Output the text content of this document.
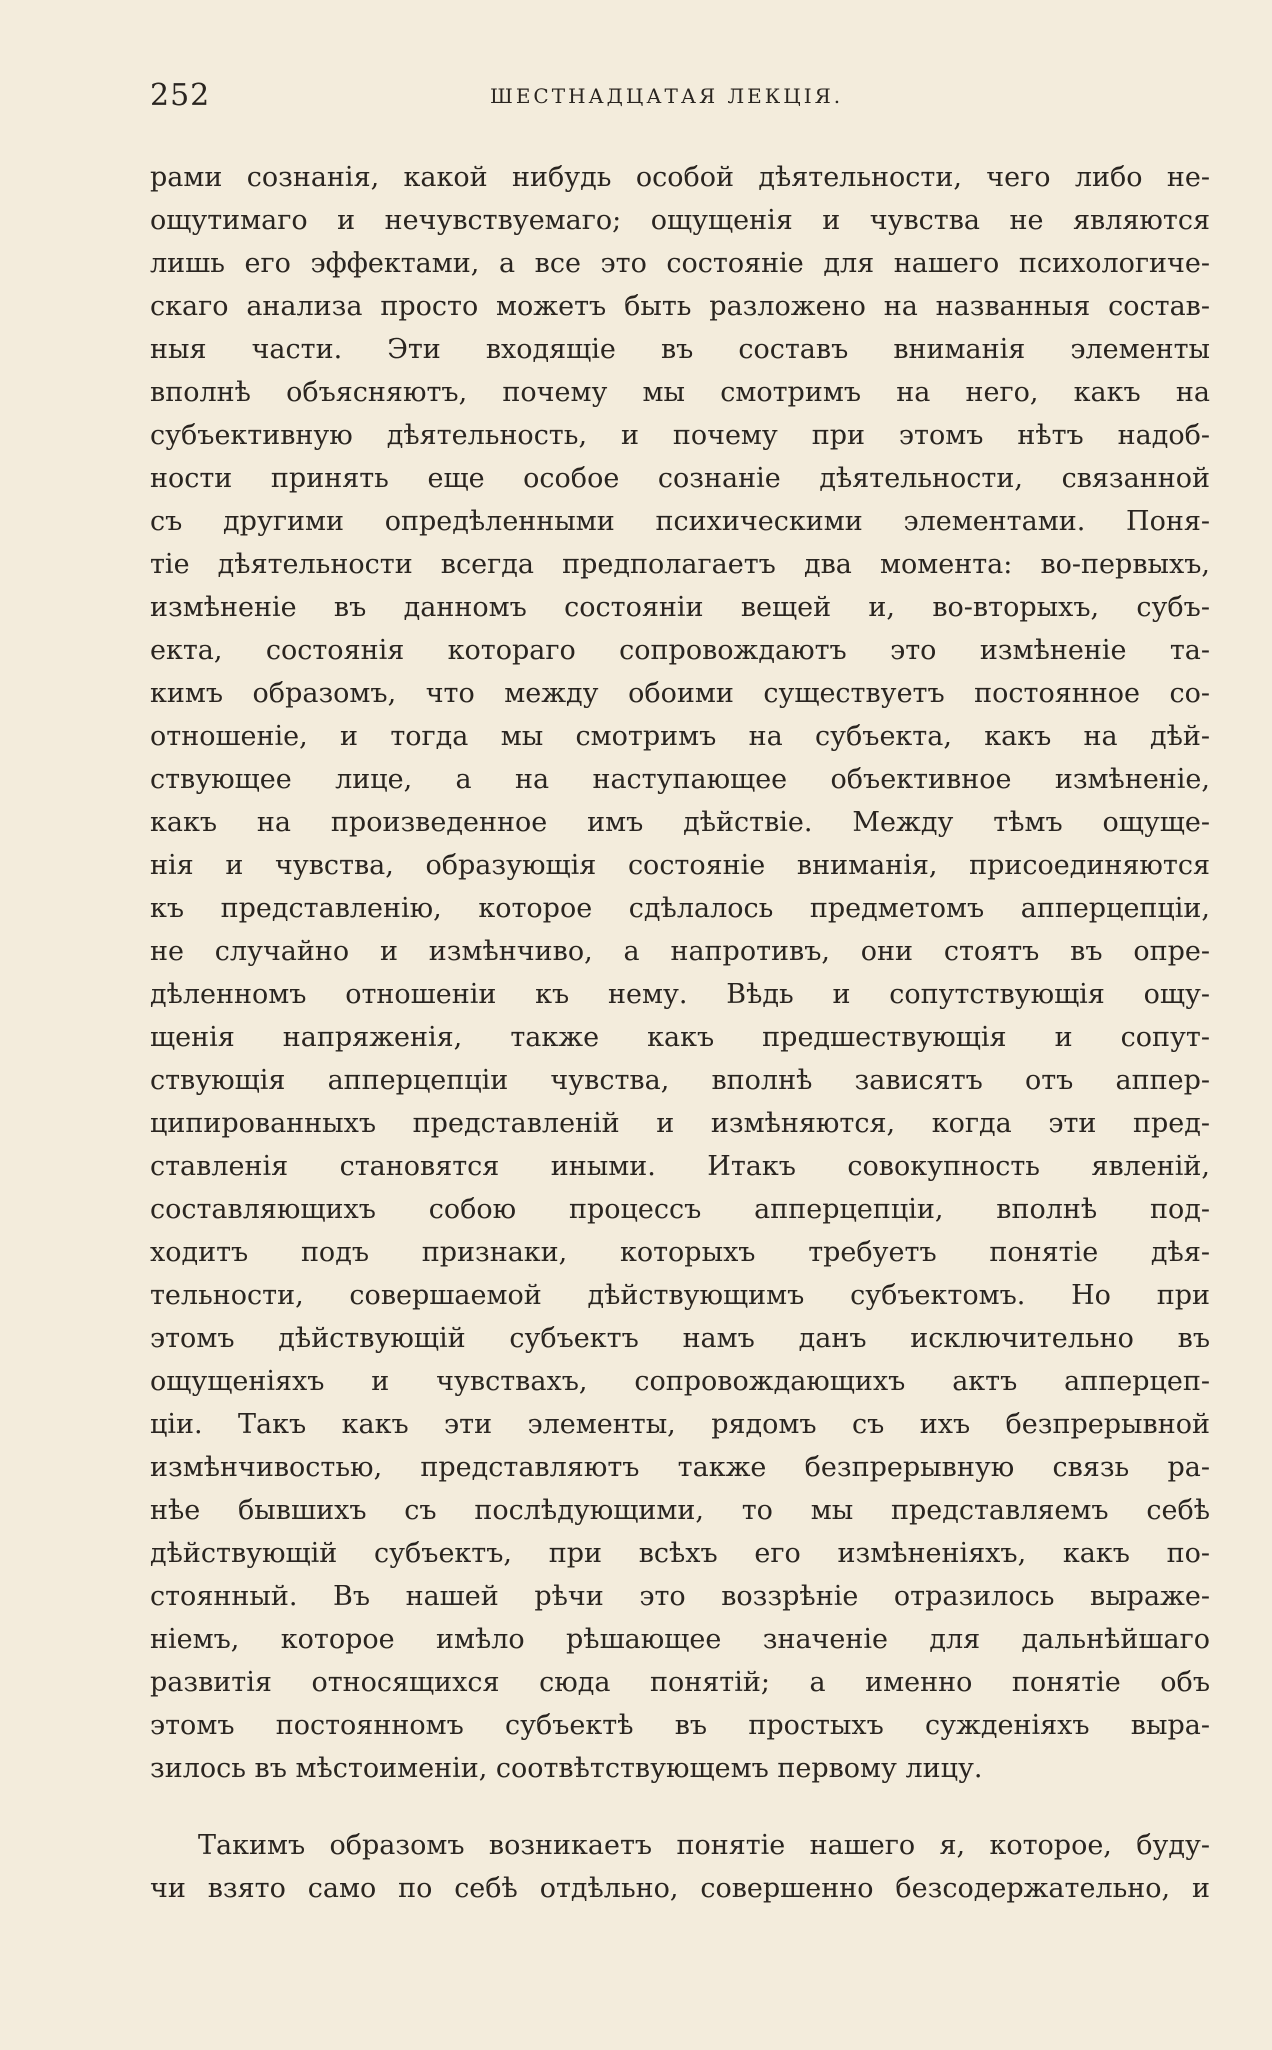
252	ШЕСТНАДЦАТАЯ ЛЕКЦІЯ.
рами сознанія, какой нибудь особой дѣятельности, чего либо не-
ощутимаго и нечувствуемаго; ощущенія и чувства не являются
лишь его эффектами, а все это состояніе для нашего психологиче-
скаго анализа просто можетъ быть разложено на названныя состав-
ныя части. Эти входящіе въ составъ вниманія элементы
вполнѣ объясняютъ, почему мы смотримъ на него, какъ на
субъективную дѣятельность, и почему при этомъ нѣтъ надоб-
ности принять еще особое сознаніе дѣятельности, связанной
съ другими опредѣленными психическими элементами. Поня-
тіе дѣятельности всегда предполагаетъ два момента: во-первыхъ,
измѣненіе въ данномъ состояніи вещей и, во-вторыхъ, субъ-
екта, состоянія котораго сопровождаютъ это измѣненіе та-
кимъ образомъ, что между обоими существуетъ постоянное со-
отношеніе, и тогда мы смотримъ на субъекта, какъ на дѣй-
ствующее лице, а на наступающее объективное измѣненіе,
какъ на произведенное имъ дѣйствіе. Между тѣмъ ощуще-
нія и чувства, образующія состояніе вниманія, присоединяются
къ представленію, которое сдѣлалось предметомъ апперцепціи,
не случайно и измѣнчиво, а напротивъ, они стоятъ въ опре-
дѣленномъ отношеніи къ нему. Вѣдь и сопутствующія ощу-
щенія напряженія, также какъ предшествующія и сопут-
ствующія апперцепціи чувства, вполнѣ зависятъ отъ аппер-
ципированныхъ представленій и измѣняются, когда эти пред-
ставленія становятся иными. Итакъ совокупность явленій,
составляющихъ собою процессъ апперцепціи, вполнѣ под-
ходитъ подъ признаки, которыхъ требуетъ понятіе дѣя-
тельности, совершаемой дѣйствующимъ субъектомъ. Но при
этомъ дѣйствующій субъектъ намъ данъ исключительно въ
ощущеніяхъ и чувствахъ, сопровождающихъ актъ апперцеп-
ціи. Такъ какъ эти элементы, рядомъ съ ихъ безпрерывной
измѣнчивостью, представляютъ также безпрерывную связь ра-
нѣе бывшихъ съ послѣдующими, то мы представляемъ себѣ
дѣйствующій субъектъ, при всѣхъ его измѣненіяхъ, какъ по-
стоянный. Въ нашей рѣчи это воззрѣніе отразилось выраже-
ніемъ, которое имѣло рѣшающее значеніе для дальнѣйшаго
развитія относящихся сюда понятій; а именно понятіе объ
этомъ постоянномъ субъектѣ въ простыхъ сужденіяхъ выра-
зилось въ мѣстоименіи, соотвѣтствующемъ первому лицу.
Такимъ образомъ возникаетъ понятіе нашего я, которое, буду-
чи взято само по себѣ отдѣльно, совершенно безсодержательно, и
